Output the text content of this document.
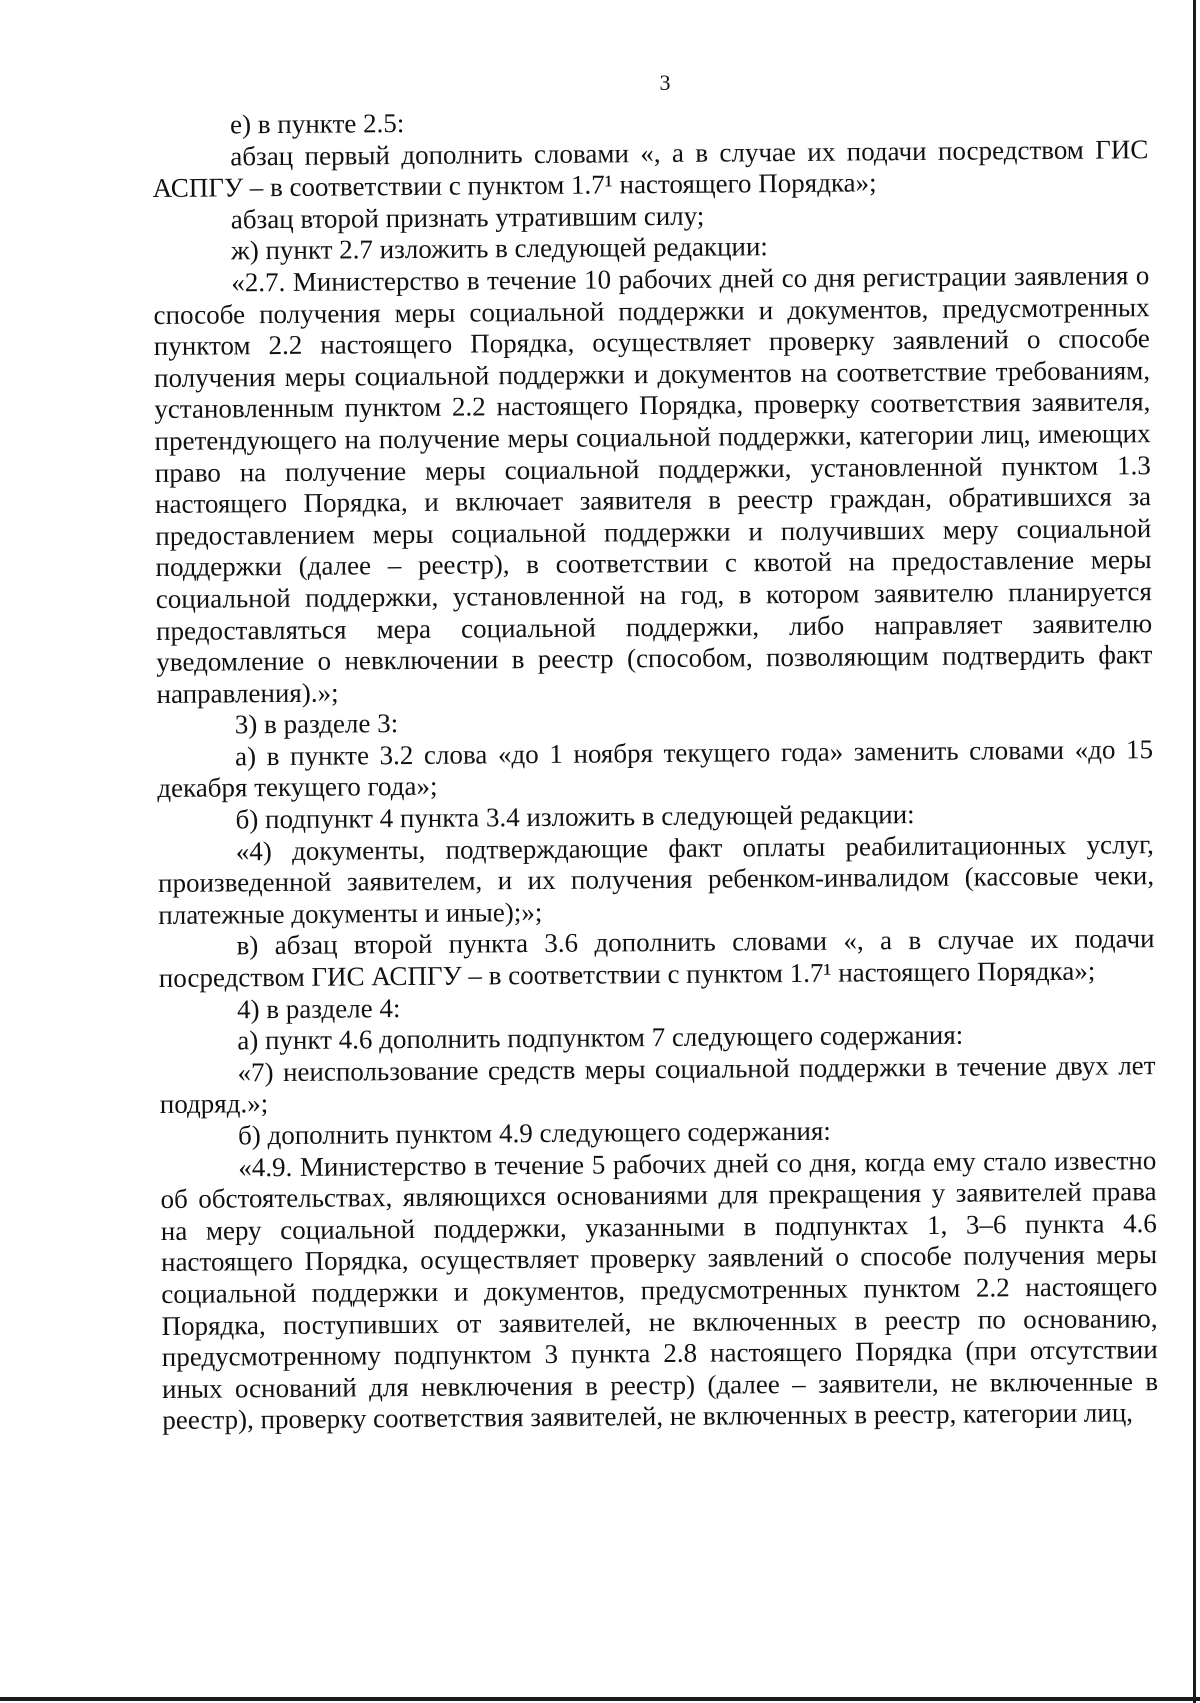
3

е) в пункте 2.5:

абзац первый дополнить словами «, а в случае их подачи посредством ГИС АСПГУ – в соответствии с пунктом 1.7¹ настоящего Порядка»;

абзац второй признать утратившим силу;

ж) пункт 2.7 изложить в следующей редакции:

«2.7. Министерство в течение 10 рабочих дней со дня регистрации заявления о способе получения меры социальной поддержки и документов, предусмотренных пунктом 2.2 настоящего Порядка, осуществляет проверку заявлений о способе получения меры социальной поддержки и документов на соответствие требованиям, установленным пунктом 2.2 настоящего Порядка, проверку соответствия заявителя, претендующего на получение меры социальной поддержки, категории лиц, имеющих право на получение меры социальной поддержки, установленной пунктом 1.3 настоящего Порядка, и включает заявителя в реестр граждан, обратившихся за предоставлением меры социальной поддержки и получивших меру социальной поддержки (далее – реестр), в соответствии с квотой на предоставление меры социальной поддержки, установленной на год, в котором заявителю планируется предоставляться мера социальной поддержки, либо направляет заявителю уведомление о невключении в реестр (способом, позволяющим подтвердить факт направления).»;

3) в разделе 3:

а) в пункте 3.2 слова «до 1 ноября текущего года» заменить словами «до 15 декабря текущего года»;

б) подпункт 4 пункта 3.4 изложить в следующей редакции:

«4) документы, подтверждающие факт оплаты реабилитационных услуг, произведенной заявителем, и их получения ребенком-инвалидом (кассовые чеки, платежные документы и иные);»;

в) абзац второй пункта 3.6 дополнить словами «, а в случае их подачи посредством ГИС АСПГУ – в соответствии с пунктом 1.7¹ настоящего Порядка»;

4) в разделе 4:

а) пункт 4.6 дополнить подпунктом 7 следующего содержания:

«7) неиспользование средств меры социальной поддержки в течение двух лет подряд.»;

б) дополнить пунктом 4.9 следующего содержания:

«4.9. Министерство в течение 5 рабочих дней со дня, когда ему стало известно об обстоятельствах, являющихся основаниями для прекращения у заявителей права на меру социальной поддержки, указанными в подпунктах 1, 3–6 пункта 4.6 настоящего Порядка, осуществляет проверку заявлений о способе получения меры социальной поддержки и документов, предусмотренных пунктом 2.2 настоящего Порядка, поступивших от заявителей, не включенных в реестр по основанию, предусмотренному подпунктом 3 пункта 2.8 настоящего Порядка (при отсутствии иных оснований для невключения в реестр) (далее – заявители, не включенные в реестр), проверку соответствия заявителей, не включенных в реестр, категории лиц,
